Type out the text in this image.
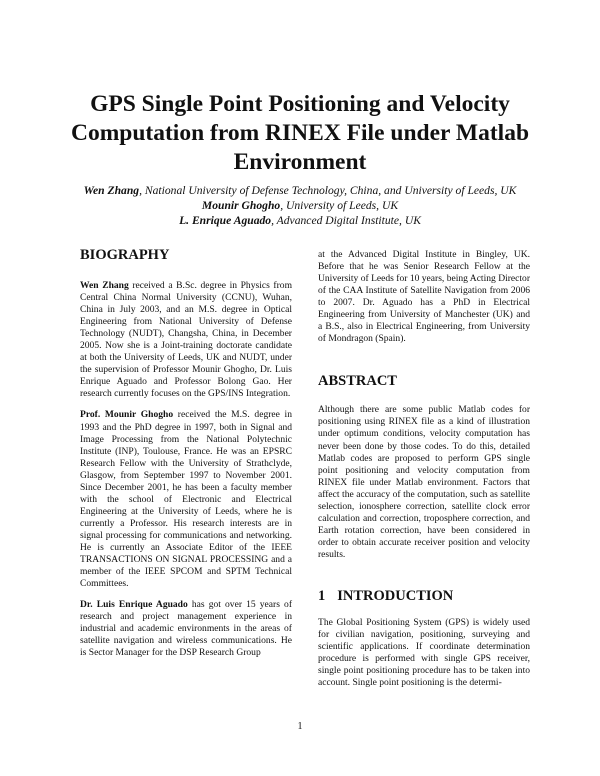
GPS Single Point Positioning and Velocity Computation from RINEX File under Matlab Environment
Wen Zhang, National University of Defense Technology, China, and University of Leeds, UK
Mounir Ghogho, University of Leeds, UK
L. Enrique Aguado, Advanced Digital Institute, UK
BIOGRAPHY

Wen Zhang received a B.Sc. degree in Physics from Central China Normal University (CCNU), Wuhan, China in July 2003, and an M.S. degree in Optical Engineering from National University of Defense Technology (NUDT), Changsha, China, in December 2005. Now she is a Joint-training doctorate candidate at both the University of Leeds, UK and NUDT, under the supervision of Professor Mounir Ghogho, Dr. Luis Enrique Aguado and Professor Bolong Gao. Her research currently focuses on the GPS/INS Integration.

Prof. Mounir Ghogho received the M.S. degree in 1993 and the PhD degree in 1997, both in Signal and Image Processing from the National Polytechnic Institute (INP), Toulouse, France. He was an EPSRC Research Fellow with the University of Strathclyde, Glasgow, from September 1997 to November 2001. Since December 2001, he has been a faculty member with the school of Electronic and Electrical Engineering at the University of Leeds, where he is currently a Professor. His research interests are in signal processing for communications and networking. He is currently an Associate Editor of the IEEE TRANSACTIONS ON SIGNAL PROCESSING and a member of the IEEE SPCOM and SPTM Technical Committees.

Dr. Luis Enrique Aguado has got over 15 years of research and project management experience in industrial and academic environments in the areas of satellite navigation and wireless communications. He is Sector Manager for the DSP Research Group

at the Advanced Digital Institute in Bingley, UK. Before that he was Senior Research Fellow at the University of Leeds for 10 years, being Acting Director of the CAA Institute of Satellite Navigation from 2006 to 2007. Dr. Aguado has a PhD in Electrical Engineering from University of Manchester (UK) and a B.S., also in Electrical Engineering, from University of Mondragon (Spain).

ABSTRACT

Although there are some public Matlab codes for positioning using RINEX file as a kind of illustration under optimum conditions, velocity computation has never been done by those codes. To do this, detailed Matlab codes are proposed to perform GPS single point positioning and velocity computation from RINEX file under Matlab environment. Factors that affect the accuracy of the computation, such as satellite selection, ionosphere correction, satellite clock error calculation and correction, troposphere correction, and Earth rotation correction, have been considered in order to obtain accurate receiver position and velocity results.

1 INTRODUCTION

The Global Positioning System (GPS) is widely used for civilian navigation, positioning, surveying and scientific applications. If coordinate determination procedure is performed with single GPS receiver, single point positioning procedure has to be taken into account. Single point positioning is the determi-

1
